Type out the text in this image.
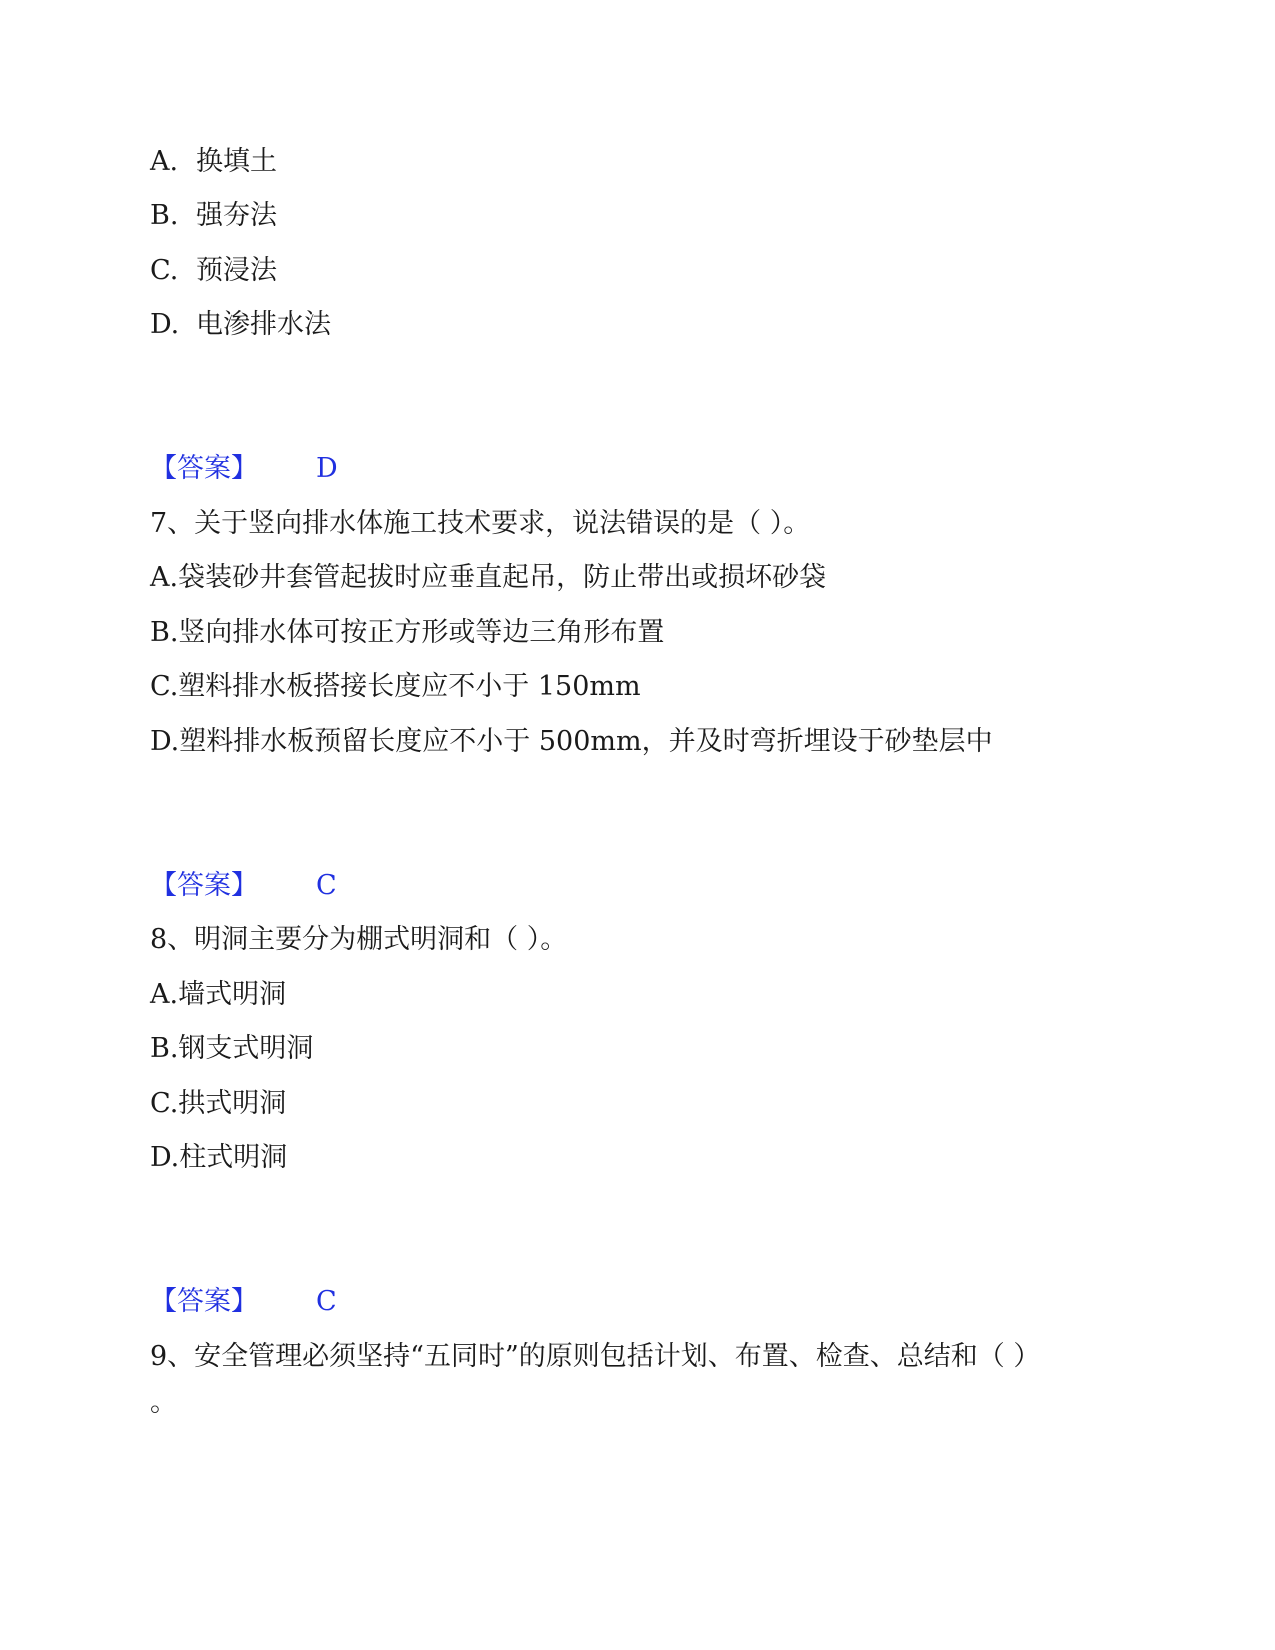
A. 换填土

B. 强夯法

C. 预浸法

D. 电渗排水法

【答案】 D

7、关于竖向排水体施工技术要求，说法错误的是（ ）。

A.袋装砂井套管起拔时应垂直起吊，防止带出或损坏砂袋

B.竖向排水体可按正方形或等边三角形布置

C.塑料排水板搭接长度应不小于 150mm

D.塑料排水板预留长度应不小于 500mm，并及时弯折埋设于砂垫层中

【答案】 C

8、明洞主要分为棚式明洞和（ ）。

A.墙式明洞

B.钢支式明洞

C.拱式明洞

D.柱式明洞

【答案】 C

9、安全管理必须坚持“五同时”的原则包括计划、布置、检查、总结和（ ）

。
